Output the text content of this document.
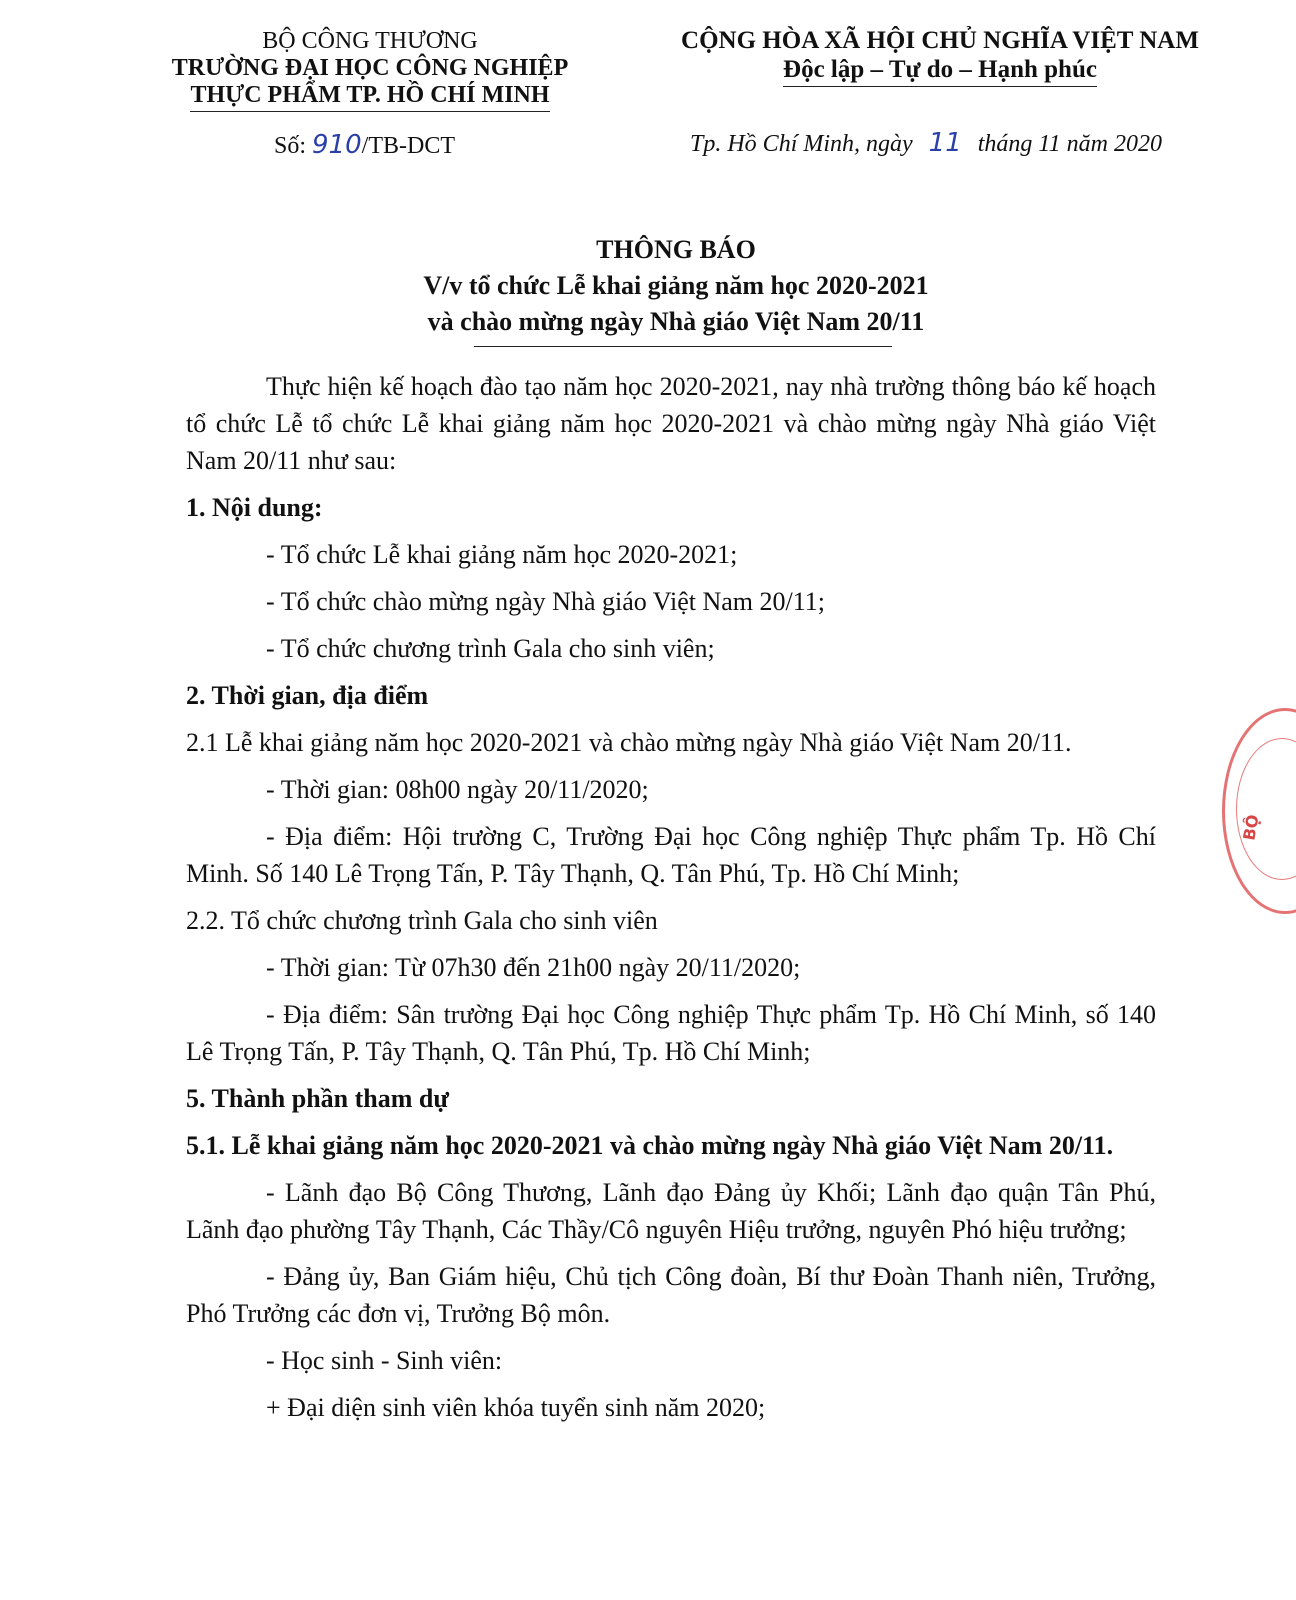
BỘ CÔNG THƯƠNG
TRƯỜNG ĐẠI HỌC CÔNG NGHIỆP
THỰC PHẨM TP. HỒ CHÍ MINH
CỘNG HÒA XÃ HỘI CHỦ NGHĨA VIỆT NAM
Độc lập – Tự do – Hạnh phúc
Số: 910/TB-DCT	Tp. Hồ Chí Minh, ngày 11 tháng 11 năm 2020
THÔNG BÁO
V/v tổ chức Lễ khai giảng năm học 2020-2021
và chào mừng ngày Nhà giáo Việt Nam 20/11

Thực hiện kế hoạch đào tạo năm học 2020-2021, nay nhà trường thông báo kế hoạch tổ chức Lễ tổ chức Lễ khai giảng năm học 2020-2021 và chào mừng ngày Nhà giáo Việt Nam 20/11 như sau:

1. Nội dung:

- Tổ chức Lễ khai giảng năm học 2020-2021;

- Tổ chức chào mừng ngày Nhà giáo Việt Nam 20/11;

- Tổ chức chương trình Gala cho sinh viên;

2. Thời gian, địa điểm

2.1 Lễ khai giảng năm học 2020-2021 và chào mừng ngày Nhà giáo Việt Nam 20/11.

- Thời gian: 08h00 ngày 20/11/2020;

- Địa điểm: Hội trường C, Trường Đại học Công nghiệp Thực phẩm Tp. Hồ Chí Minh. Số 140 Lê Trọng Tấn, P. Tây Thạnh, Q. Tân Phú, Tp. Hồ Chí Minh;

2.2. Tổ chức chương trình Gala cho sinh viên

- Thời gian: Từ 07h30 đến 21h00 ngày 20/11/2020;

- Địa điểm: Sân trường Đại học Công nghiệp Thực phẩm Tp. Hồ Chí Minh, số 140 Lê Trọng Tấn, P. Tây Thạnh, Q. Tân Phú, Tp. Hồ Chí Minh;

5. Thành phần tham dự

5.1. Lễ khai giảng năm học 2020-2021 và chào mừng ngày Nhà giáo Việt Nam 20/11.

- Lãnh đạo Bộ Công Thương, Lãnh đạo Đảng ủy Khối; Lãnh đạo quận Tân Phú, Lãnh đạo phường Tây Thạnh, Các Thầy/Cô nguyên Hiệu trưởng, nguyên Phó hiệu trưởng;

- Đảng ủy, Ban Giám hiệu, Chủ tịch Công đoàn, Bí thư Đoàn Thanh niên, Trưởng, Phó Trưởng các đơn vị, Trưởng Bộ môn.

- Học sinh - Sinh viên:

+ Đại diện sinh viên khóa tuyển sinh năm 2020;

BỘ
